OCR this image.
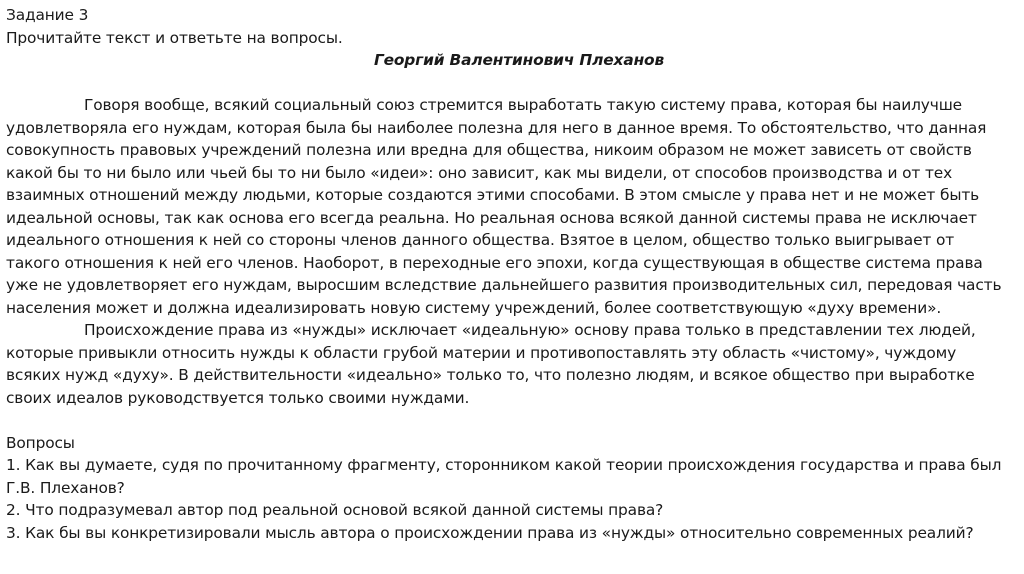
Задание 3
Прочитайте текст и ответьте на вопросы.
Георгий Валентинович Плеханов
Говоря вообще, всякий социальный союз стремится выработать такую систему права, которая бы наилучше
удовлетворяла его нуждам, которая была бы наиболее полезна для него в данное время. То обстоятельство, что данная
совокупность правовых учреждений полезна или вредна для общества, никоим образом не может зависеть от свойств
какой бы то ни было или чьей бы то ни было «идеи»: оно зависит, как мы видели, от способов производства и от тех
взаимных отношений между людьми, которые создаются этими способами. В этом смысле у права нет и не может быть
идеальной основы, так как основа его всегда реальна. Но реальная основа всякой данной системы права не исключает
идеального отношения к ней со стороны членов данного общества. Взятое в целом, общество только выигрывает от
такого отношения к ней его членов. Наоборот, в переходные его эпохи, когда существующая в обществе система права
уже не удовлетворяет его нуждам, выросшим вследствие дальнейшего развития производительных сил, передовая часть
населения может и должна идеализировать новую систему учреждений, более соответствующую «духу времени».
Происхождение права из «нужды» исключает «идеальную» основу права только в представлении тех людей,
которые привыкли относить нужды к области грубой материи и противопоставлять эту область «чистому», чуждому
всяких нужд «духу». В действительности «идеально» только то, что полезно людям, и всякое общество при выработке
своих идеалов руководствуется только своими нуждами.
Вопросы
1. Как вы думаете, судя по прочитанному фрагменту, сторонником какой теории происхождения государства и права был
Г.В. Плеханов?
2. Что подразумевал автор под реальной основой всякой данной системы права?
3. Как бы вы конкретизировали мысль автора о происхождении права из «нужды» относительно современных реалий?
